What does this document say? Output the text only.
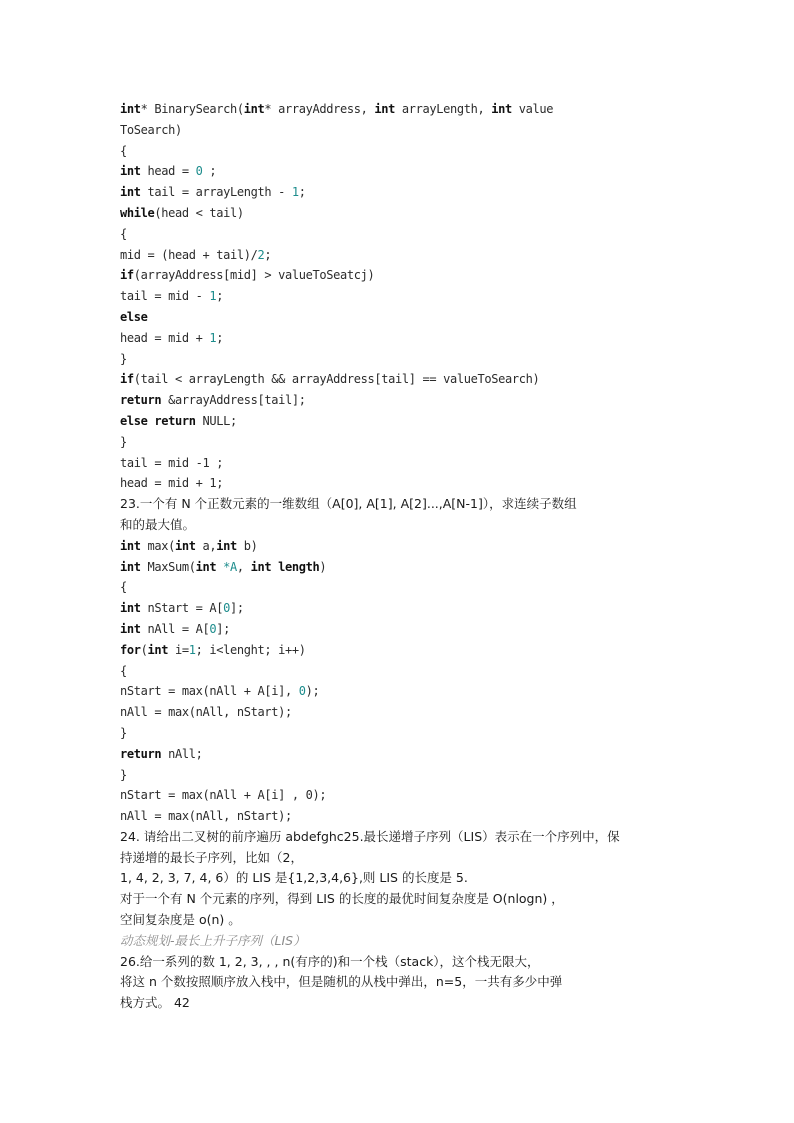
int* BinarySearch(int* arrayAddress, int arrayLength, int value
ToSearch)
{
int head = 0 ;
int tail = arrayLength - 1;
while(head < tail)
{
mid = (head + tail)/2;
if(arrayAddress[mid] > valueToSeatcj)
tail = mid - 1;
else
head = mid + 1;
}
if(tail < arrayLength && arrayAddress[tail] == valueToSearch)
return &arrayAddress[tail];
else return NULL;
}
tail = mid -1 ;
head = mid + 1;
23.一个有 N 个正数元素的一维数组（A[0], A[1], A[2]...,A[N-1]），求连续子数组
和的最大值。
int max(int a,int b)
int MaxSum(int *A, int length)
{
int nStart = A[0];
int nAll = A[0];
for(int i=1; i<lenght; i++)
{
nStart = max(nAll + A[i], 0);
nAll = max(nAll, nStart);
}
return nAll;
}
nStart = max(nAll + A[i] , 0);
nAll = max(nAll, nStart);
24. 请给出二叉树的前序遍历 abdefghc25.最长递增子序列（LIS）表示在一个序列中，保
持递增的最长子序列，比如（2，
1, 4, 2, 3, 7, 4, 6）的 LIS 是{1,2,3,4,6},则 LIS 的长度是 5.
对于一个有 N 个元素的序列，得到 LIS 的长度的最优时间复杂度是 O(nlogn) ，
空间复杂度是 o(n) 。
动态规划-最长上升子序列（LIS）
26.给一系列的数 1, 2, 3, , , n(有序的)和一个栈（stack），这个栈无限大，
将这 n 个数按照顺序放入栈中，但是随机的从栈中弹出，n=5，一共有多少中弹
栈方式。 42
